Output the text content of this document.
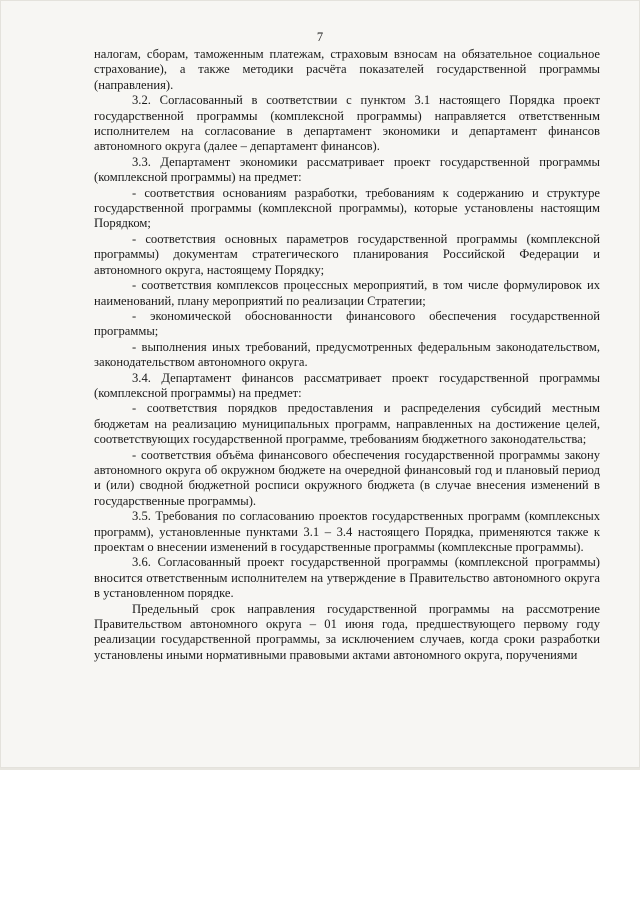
7

налогам, сборам, таможенным платежам, страховым взносам на обязательное социальное страхование), а также методики расчёта показателей государственной программы (направления).

3.2. Согласованный в соответствии с пунктом 3.1 настоящего Порядка проект государственной программы (комплексной программы) направляется ответственным исполнителем на согласование в департамент экономики и департамент финансов автономного округа (далее – департамент финансов).

3.3. Департамент экономики рассматривает проект государственной программы (комплексной программы) на предмет:

- соответствия основаниям разработки, требованиям к содержанию и структуре государственной программы (комплексной программы), которые установлены настоящим Порядком;

- соответствия основных параметров государственной программы (комплексной программы) документам стратегического планирования Российской Федерации и автономного округа, настоящему Порядку;

- соответствия комплексов процессных мероприятий, в том числе формулировок их наименований, плану мероприятий по реализации Стратегии;

- экономической обоснованности финансового обеспечения государственной программы;

- выполнения иных требований, предусмотренных федеральным законодательством, законодательством автономного округа.

3.4. Департамент финансов рассматривает проект государственной программы (комплексной программы) на предмет:

- соответствия порядков предоставления и распределения субсидий местным бюджетам на реализацию муниципальных программ, направленных на достижение целей, соответствующих государственной программе, требованиям бюджетного законодательства;

- соответствия объёма финансового обеспечения государственной программы закону автономного округа об окружном бюджете на очередной финансовый год и плановый период и (или) сводной бюджетной росписи окружного бюджета (в случае внесения изменений в государственные программы).

3.5. Требования по согласованию проектов государственных программ (комплексных программ), установленные пунктами 3.1 – 3.4 настоящего Порядка, применяются также к проектам о внесении изменений в государственные программы (комплексные программы).

3.6. Согласованный проект государственной программы (комплексной программы) вносится ответственным исполнителем на утверждение в Правительство автономного округа в установленном порядке.

Предельный срок направления государственной программы на рассмотрение Правительством автономного округа – 01 июня года, предшествующего первому году реализации государственной программы, за исключением случаев, когда сроки разработки установлены иными нормативными правовыми актами автономного округа, поручениями
